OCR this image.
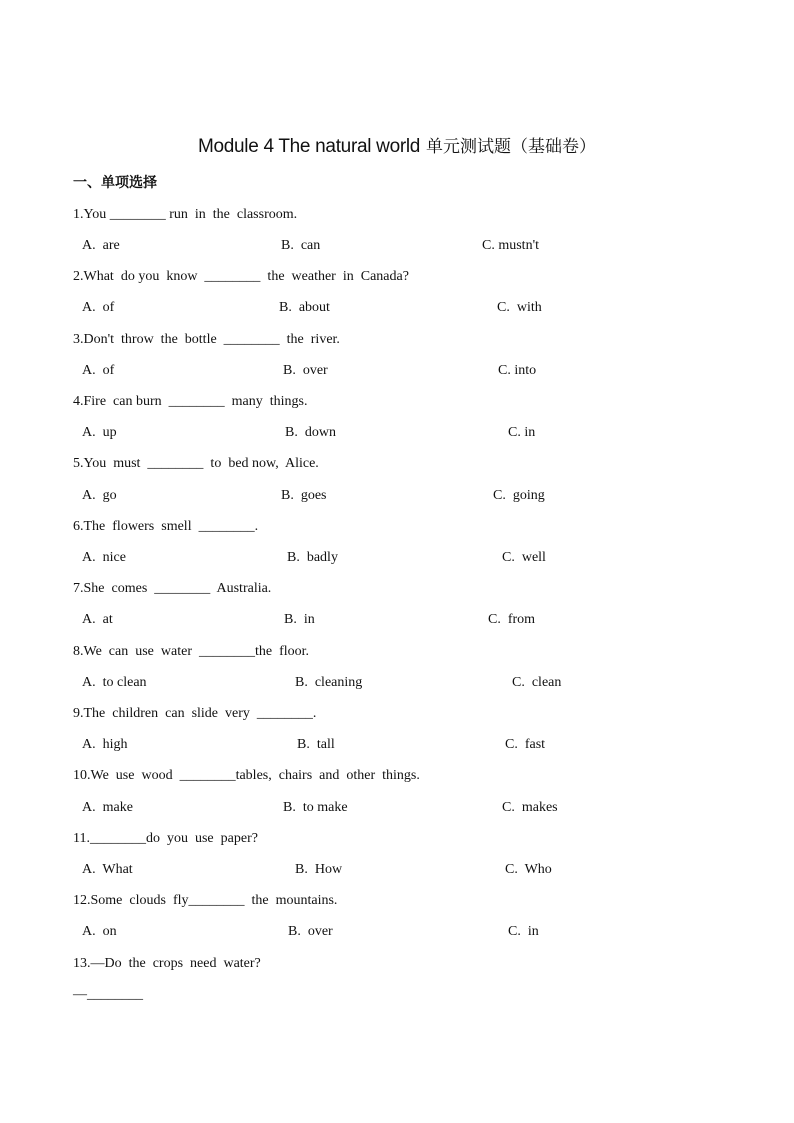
Module 4 The natural world 单元测试题（基础卷）
一、单项选择
1.You ________ run  in  the  classroom.
A.  are	B.  can	C. mustn't
2.What  do you  know  ________  the  weather  in  Canada?
A.  of	B.  about	C.  with
3.Don't  throw  the  bottle  ________  the  river.
A.  of	B.  over	C. into
4.Fire  can burn  ________  many  things.
A.  up	B.  down	C. in
5.You  must  ________  to  bed now,  Alice.
A.  go	B.  goes	C.  going
6.The  flowers  smell  ________.
A.  nice	B.  badly	C.  well
7.She  comes  ________  Australia.
A.  at	B.  in	C.  from
8.We  can  use  water  ________the  floor.
A.  to clean	B.  cleaning	C.  clean
9.The  children  can  slide  very  ________.
A.  high	B.  tall	C.  fast
10.We  use  wood  ________tables,  chairs  and  other  things.
A.  make	B.  to make	C.  makes
11.________do  you  use  paper?
A.  What	B.  How	C.  Who
12.Some  clouds  fly________  the  mountains.
A.  on	B.  over	C.  in
13.—Do  the  crops  need  water?
—________
